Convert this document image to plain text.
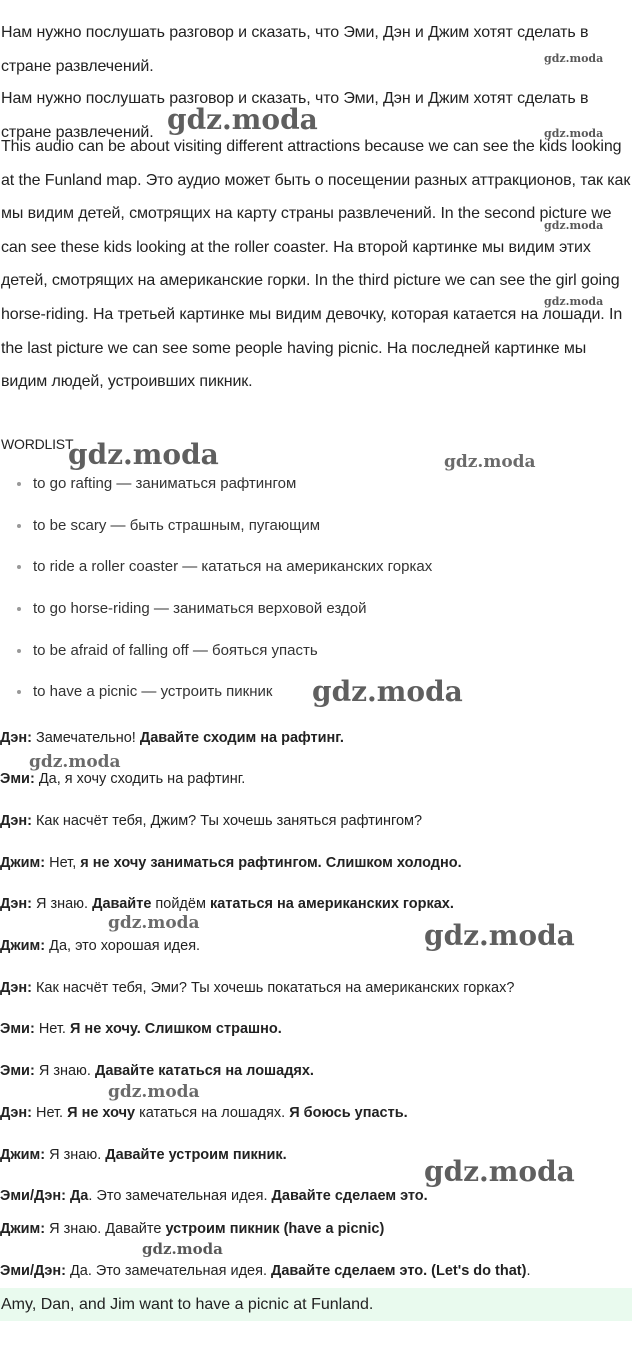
Нам нужно послушать разговор и сказать, что Эми, Дэн и Джим хотят сделать в стране развлечений.

Нам нужно послушать разговор и сказать, что Эми, Дэн и Джим хотят сделать в стране развлечений.

This audio can be about visiting different attractions because we can see the kids looking at the Funland map. Это аудио может быть о посещении разных аттракционов, так как мы видим детей, смотрящих на карту страны развлечений. In the second picture we can see these kids looking at the roller coaster. На второй картинке мы видим этих детей, смотрящих на американские горки. In the third picture we can see the girl going horse-riding. На третьей картинке мы видим девочку, которая катается на лошади. In the last picture we can see some people having picnic. На последней картинке мы видим людей, устроивших пикник.

WORDLIST
to go rafting — заниматься рафтингом
to be scary — быть страшным, пугающим
to ride a roller coaster — кататься на американских горках
to go horse-riding — заниматься верховой ездой
to be afraid of falling off — бояться упасть
to have a picnic — устроить пикник
Дэн: Замечательно! Давайте сходим на рафтинг.
Эми: Да, я хочу сходить на рафтинг.
Дэн: Как насчёт тебя, Джим? Ты хочешь заняться рафтингом?
Джим: Нет, я не хочу заниматься рафтингом. Слишком холодно.
Дэн: Я знаю. Давайте пойдём кататься на американских горках.
Джим: Да, это хорошая идея.
Дэн: Как насчёт тебя, Эми? Ты хочешь покататься на американских горках?
Эми: Нет. Я не хочу. Слишком страшно.
Эми: Я знаю. Давайте кататься на лошадях.
Дэн: Нет. Я не хочу кататься на лошадях. Я боюсь упасть.
Джим: Я знаю. Давайте устроим пикник.
Эми/Дэн: Да. Это замечательная идея. Давайте сделаем это.
Джим: Я знаю. Давайте устроим пикник (have a picnic)
Эми/Дэн: Да. Это замечательная идея. Давайте сделаем это. (Let's do that).
Amy, Dan, and Jim want to have a picnic at Funland.
gdz.moda
gdz.moda	gdz.moda
gdz.moda
gdz.moda
gdz.moda	gdz.moda
gdz.moda
gdz.moda
gdz.moda	gdz.moda
gdz.moda
gdz.moda
gdz.moda
